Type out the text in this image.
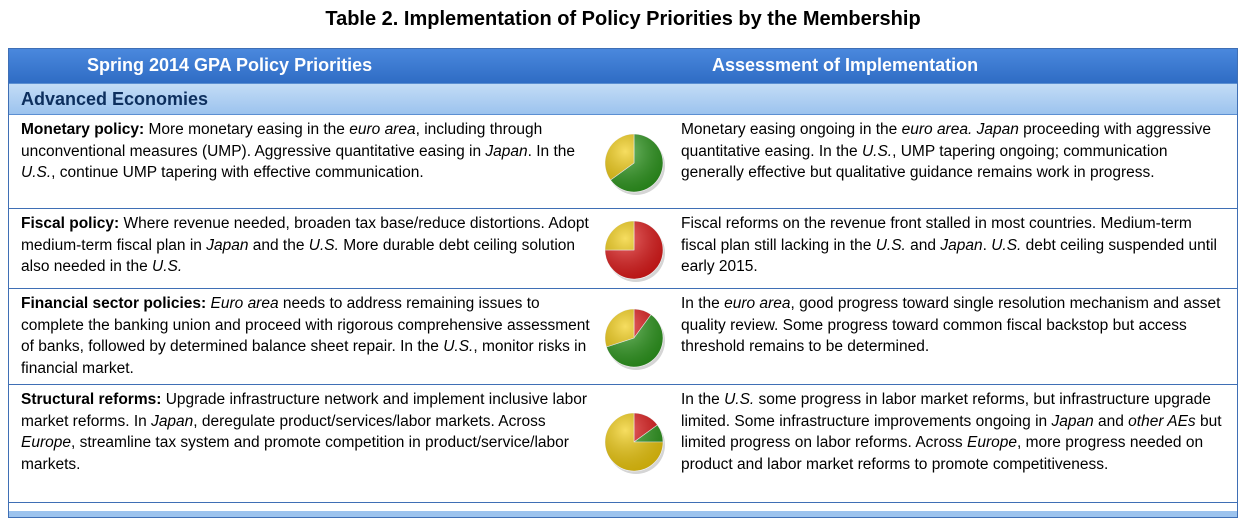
Table 2. Implementation of Policy Priorities by the Membership
Spring 2014 GPA Policy Priorities	Assessment of Implementation
Advanced Economies
Monetary policy: More monetary easing in the euro area, including through unconventional measures (UMP). Aggressive quantitative easing in Japan. In the U.S., continue UMP tapering with effective communication.
Monetary easing ongoing in the euro area. Japan proceeding with aggressive quantitative easing. In the U.S., UMP tapering ongoing; communication generally effective but qualitative guidance remains work in progress.
Fiscal policy: Where revenue needed, broaden tax base/reduce distortions. Adopt medium-term fiscal plan in Japan and the U.S. More durable debt ceiling solution also needed in the U.S.
Fiscal reforms on the revenue front stalled in most countries. Medium-term fiscal plan still lacking in the U.S. and Japan. U.S. debt ceiling suspended until early 2015.
Financial sector policies: Euro area needs to address remaining issues to complete the banking union and proceed with rigorous comprehensive assessment of banks, followed by determined balance sheet repair. In the U.S., monitor risks in financial market.
In the euro area, good progress toward single resolution mechanism and asset quality review. Some progress toward common fiscal backstop but access threshold remains to be determined.
Structural reforms: Upgrade infrastructure network and implement inclusive labor market reforms. In Japan, deregulate product/services/labor markets. Across Europe, streamline tax system and promote competition in product/service/labor markets.
In the U.S. some progress in labor market reforms, but infrastructure upgrade limited. Some infrastructure improvements ongoing in Japan and other AEs but limited progress on labor reforms. Across Europe, more progress needed on product and labor market reforms to promote competitiveness.
